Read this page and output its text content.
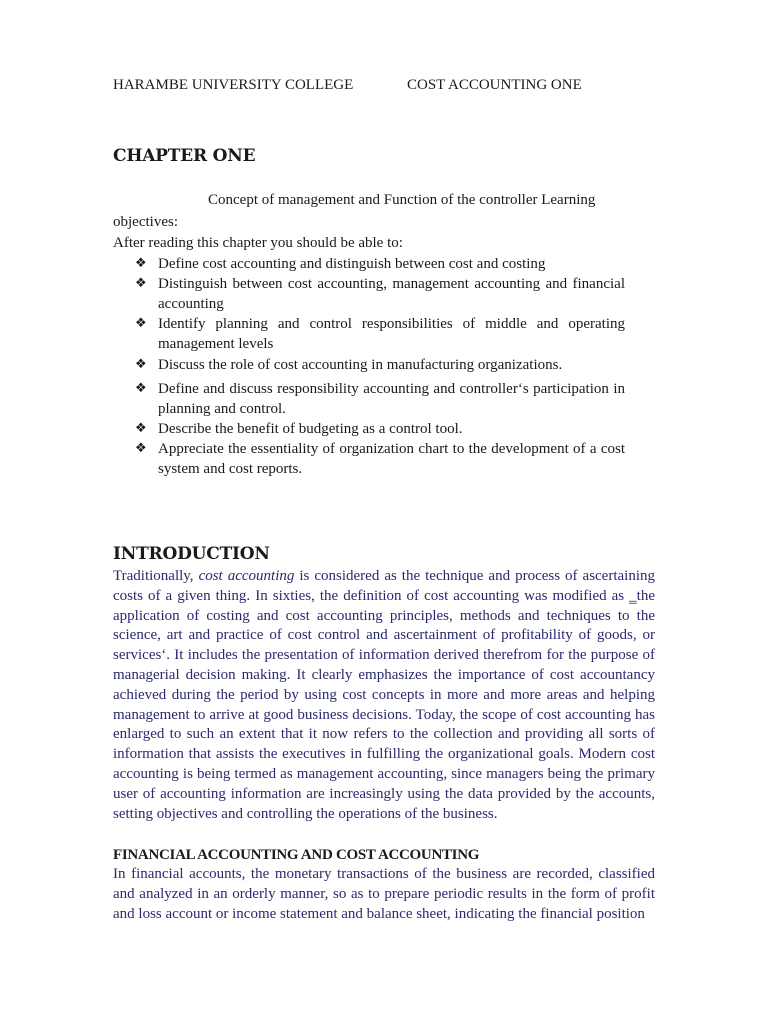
HARAMBE UNIVERSITY COLLEGE	COST ACCOUNTING ONE
CHAPTER ONE
Concept of management and Function of the controller Learning
objectives:
After reading this chapter you should be able to:
❖ Define cost accounting and distinguish between cost and costing
❖ Distinguish between cost accounting, management accounting and financial accounting
❖ Identify planning and control responsibilities of middle and operating management levels
❖ Discuss the role of cost accounting in manufacturing organizations.
❖ Define and discuss responsibility accounting and controller‘s participation in planning and control.
❖ Describe the benefit of budgeting as a control tool.
❖ Appreciate the essentiality of organization chart to the development of a cost system and cost reports.
INTRODUCTION

Traditionally, cost accounting is considered as the technique and process of ascertaining costs of a given thing. In sixties, the definition of cost accounting was modified as ‗the application of costing and cost accounting principles, methods and techniques to the science, art and practice of cost control and ascertainment of profitability of goods, or services‘. It includes the presentation of information derived therefrom for the purpose of managerial decision making. It clearly emphasizes the importance of cost accountancy achieved during the period by using cost concepts in more and more areas and helping management to arrive at good business decisions. Today, the scope of cost accounting has enlarged to such an extent that it now refers to the collection and providing all sorts of information that assists the executives in fulfilling the organizational goals. Modern cost accounting is being termed as management accounting, since managers being the primary user of accounting information are increasingly using the data provided by the accounts, setting objectives and controlling the operations of the business.

FINANCIAL ACCOUNTING AND COST ACCOUNTING

In financial accounts, the monetary transactions of the business are recorded, classified and analyzed in an orderly manner, so as to prepare periodic results in the form of profit and loss account or income statement and balance sheet, indicating the financial position
